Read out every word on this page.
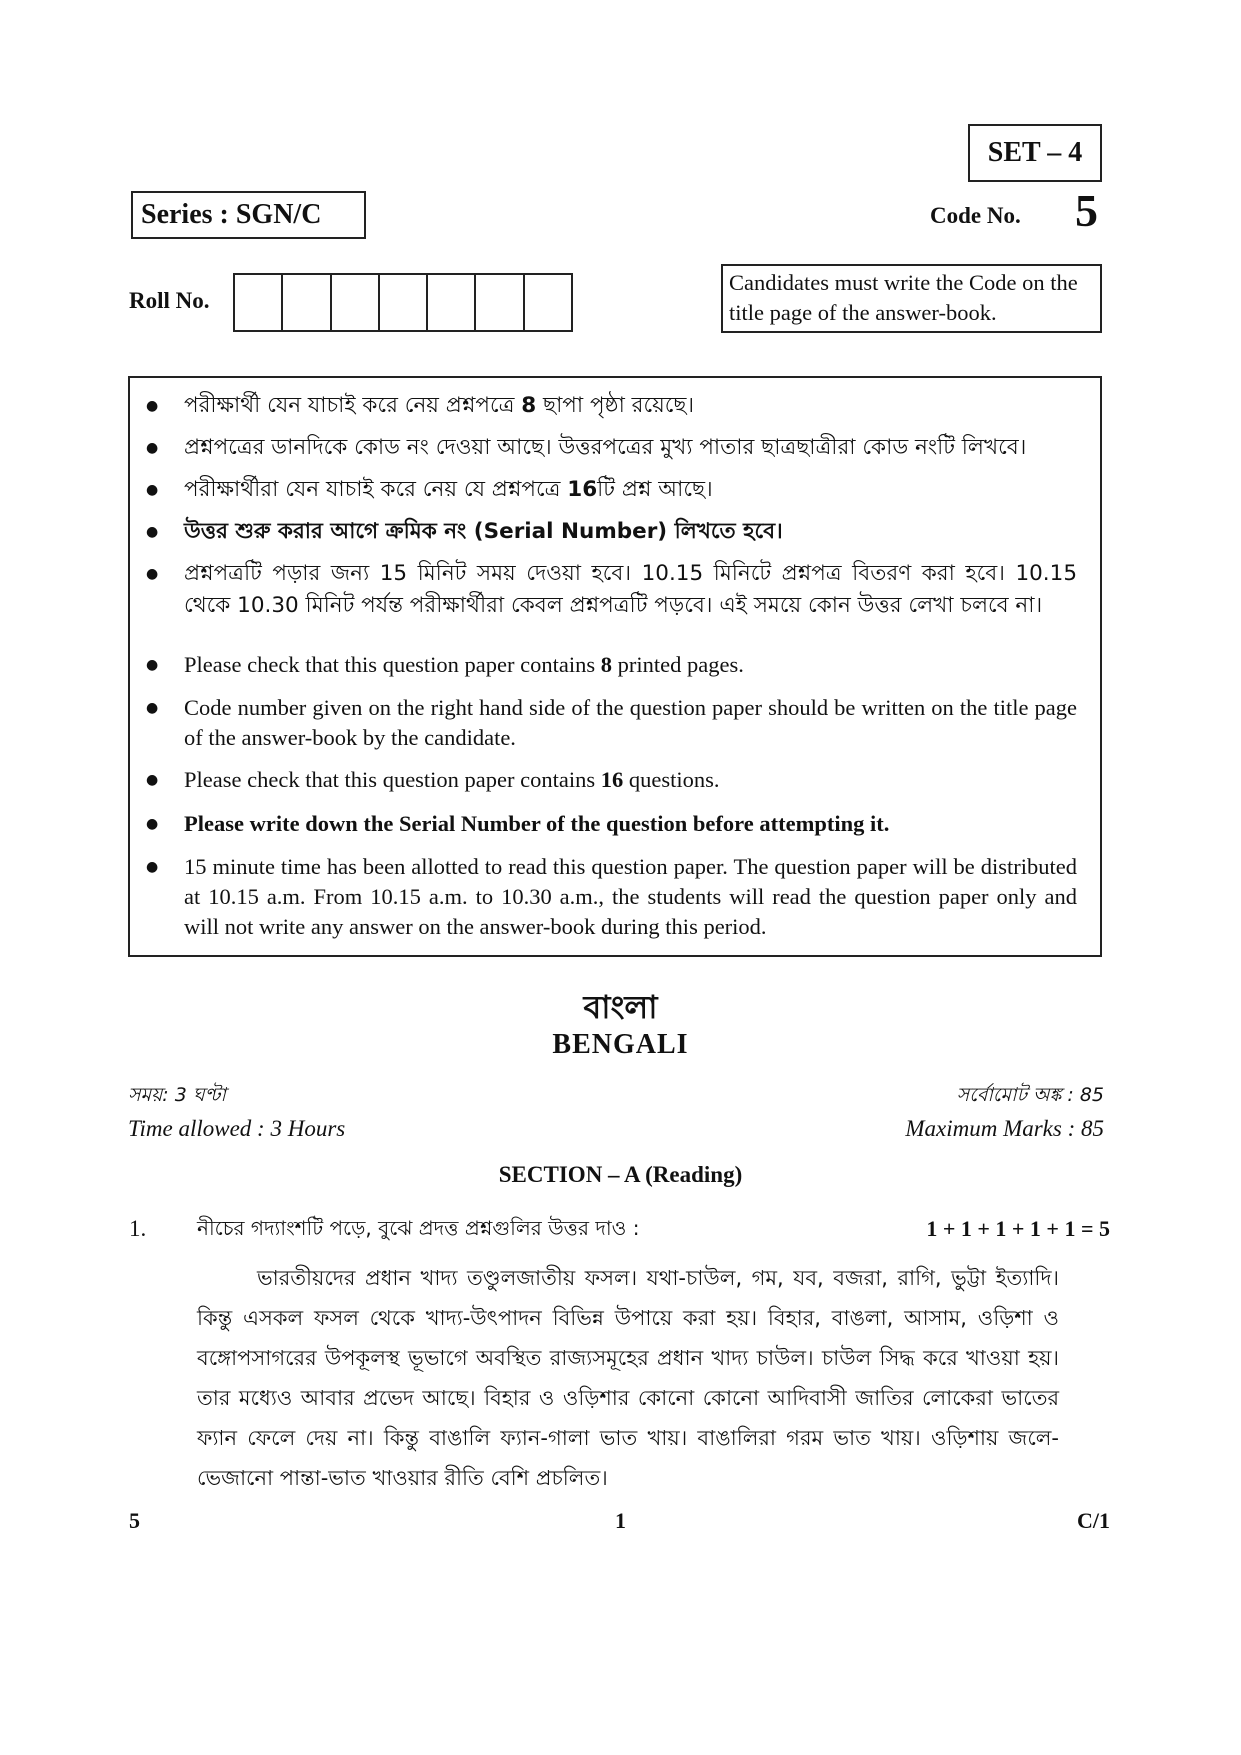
SET – 4
Series : SGN/C	Code No. 5
Roll No.
Candidates must write the Code on the title page of the answer-book.
● পরীক্ষার্থী যেন যাচাই করে নেয় প্রশ্নপত্রে 8 ছাপা পৃষ্ঠা রয়েছে।
● প্রশ্নপত্রের ডানদিকে কোড নং দেওয়া আছে। উত্তরপত্রের মুখ্য পাতার ছাত্রছাত্রীরা কোড নংটি লিখবে।
● পরীক্ষার্থীরা যেন যাচাই করে নেয় যে প্রশ্নপত্রে 16টি প্রশ্ন আছে।
● উত্তর শুরু করার আগে ক্রমিক নং (Serial Number) লিখতে হবে।
● প্রশ্নপত্রটি পড়ার জন্য 15 মিনিট সময় দেওয়া হবে। 10.15 মিনিটে প্রশ্নপত্র বিতরণ করা হবে। 10.15 থেকে 10.30 মিনিট পর্যন্ত পরীক্ষার্থীরা কেবল প্রশ্নপত্রটি পড়বে। এই সময়ে কোন উত্তর লেখা চলবে না।
● Please check that this question paper contains 8 printed pages.
● Code number given on the right hand side of the question paper should be written on the title page of the answer-book by the candidate.
● Please check that this question paper contains 16 questions.
● Please write down the Serial Number of the question before attempting it.
● 15 minute time has been allotted to read this question paper. The question paper will be distributed at 10.15 a.m. From 10.15 a.m. to 10.30 a.m., the students will read the question paper only and will not write any answer on the answer-book during this period.
বাংলা
BENGALI
সময়: 3 ঘণ্টা	সর্বোমোট অঙ্ক : 85
Time allowed : 3 Hours	Maximum Marks : 85
SECTION – A (Reading)
1.	নীচের গদ্যাংশটি পড়ে, বুঝে প্রদত্ত প্রশ্নগুলির উত্তর দাও :	1 + 1 + 1 + 1 + 1 = 5

ভারতীয়দের প্রধান খাদ্য তণ্ডুলজাতীয় ফসল। যথা-চাউল, গম, যব, বজরা, রাগি, ভুট্টা ইত্যাদি। কিন্তু এসকল ফসল থেকে খাদ্য-উৎপাদন বিভিন্ন উপায়ে করা হয়। বিহার, বাঙলা, আসাম, ওড়িশা ও বঙ্গোপসাগরের উপকূলস্থ ভূভাগে অবস্থিত রাজ্যসমূহের প্রধান খাদ্য চাউল। চাউল সিদ্ধ করে খাওয়া হয়। তার মধ্যেও আবার প্রভেদ আছে। বিহার ও ওড়িশার কোনো কোনো আদিবাসী জাতির লোকেরা ভাতের ফ্যান ফেলে দেয় না। কিন্তু বাঙালি ফ্যান-গালা ভাত খায়। বাঙালিরা গরম ভাত খায়। ওড়িশায় জলে-ভেজানো পান্তা-ভাত খাওয়ার রীতি বেশি প্রচলিত।

5	1	C/1
